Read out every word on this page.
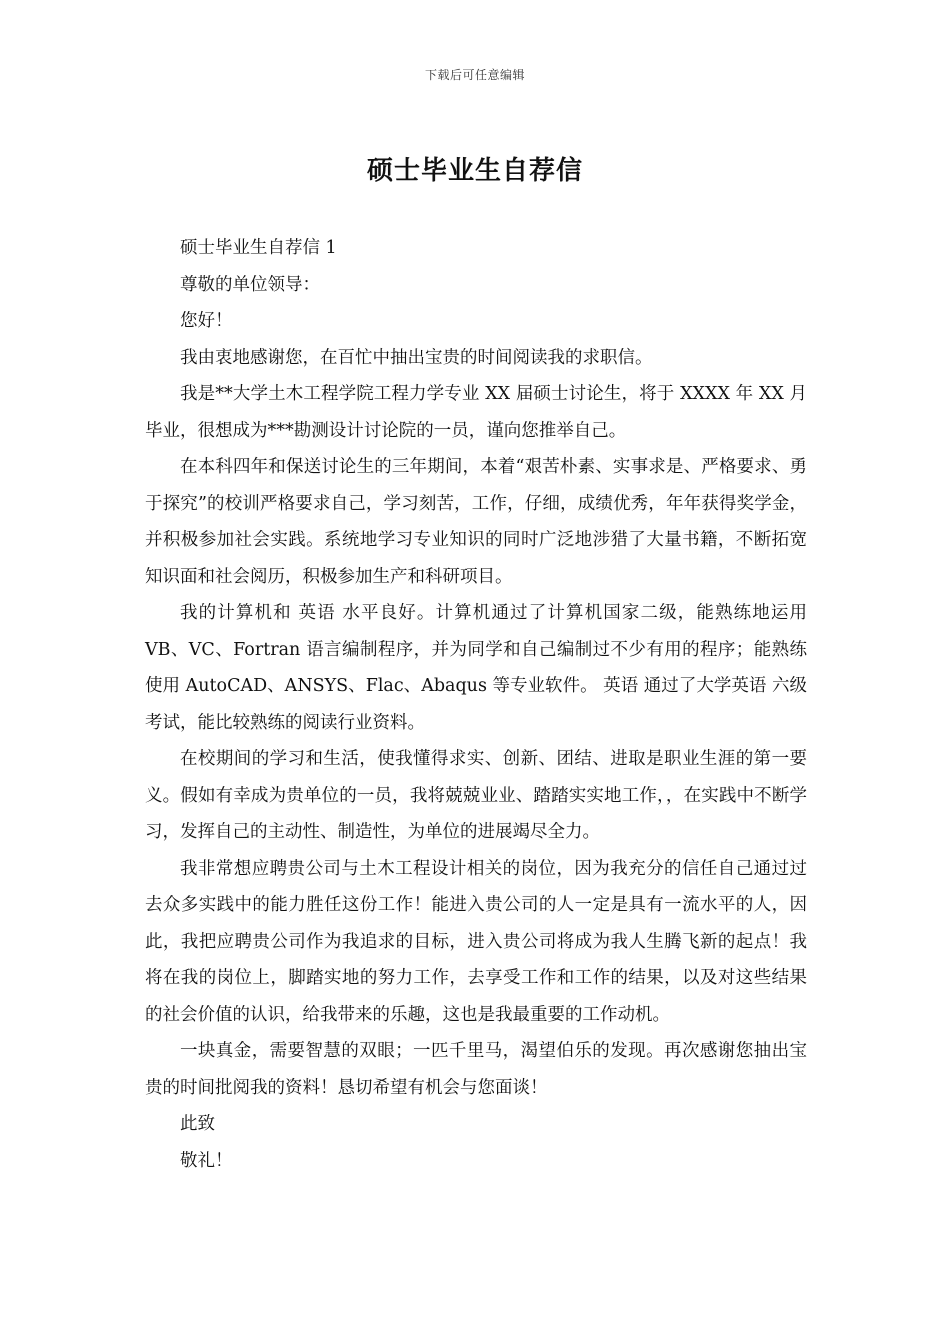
下载后可任意编辑
硕士毕业生自荐信

硕士毕业生自荐信 1

尊敬的单位领导：

您好！

我由衷地感谢您，在百忙中抽出宝贵的时间阅读我的求职信。

我是**大学土木工程学院工程力学专业 XX 届硕士讨论生，将于 XXXX 年 XX 月毕业，很想成为***勘测设计讨论院的一员，谨向您推举自己。

在本科四年和保送讨论生的三年期间，本着“艰苦朴素、实事求是、严格要求、勇于探究”的校训严格要求自己，学习刻苦，工作，仔细，成绩优秀，年年获得奖学金，并积极参加社会实践。系统地学习专业知识的同时广泛地涉猎了大量书籍，不断拓宽知识面和社会阅历，积极参加生产和科研项目。

我的计算机和 英语 水平良好。计算机通过了计算机国家二级，能熟练地运用 VB、VC、Fortran 语言编制程序，并为同学和自己编制过不少有用的程序；能熟练使用 AutoCAD、ANSYS、Flac、Abaqus 等专业软件。 英语 通过了大学英语 六级考试，能比较熟练的阅读行业资料。

在校期间的学习和生活，使我懂得求实、创新、团结、进取是职业生涯的第一要义。假如有幸成为贵单位的一员，我将兢兢业业、踏踏实实地工作，，在实践中不断学习，发挥自己的主动性、制造性，为单位的进展竭尽全力。

我非常想应聘贵公司与土木工程设计相关的岗位，因为我充分的信任自己通过过去众多实践中的能力胜任这份工作！能进入贵公司的人一定是具有一流水平的人，因此，我把应聘贵公司作为我追求的目标，进入贵公司将成为我人生腾飞新的起点！我将在我的岗位上，脚踏实地的努力工作，去享受工作和工作的结果，以及对这些结果的社会价值的认识，给我带来的乐趣，这也是我最重要的工作动机。

一块真金，需要智慧的双眼；一匹千里马，渴望伯乐的发现。再次感谢您抽出宝贵的时间批阅我的资料！恳切希望有机会与您面谈！

此致

敬礼！
